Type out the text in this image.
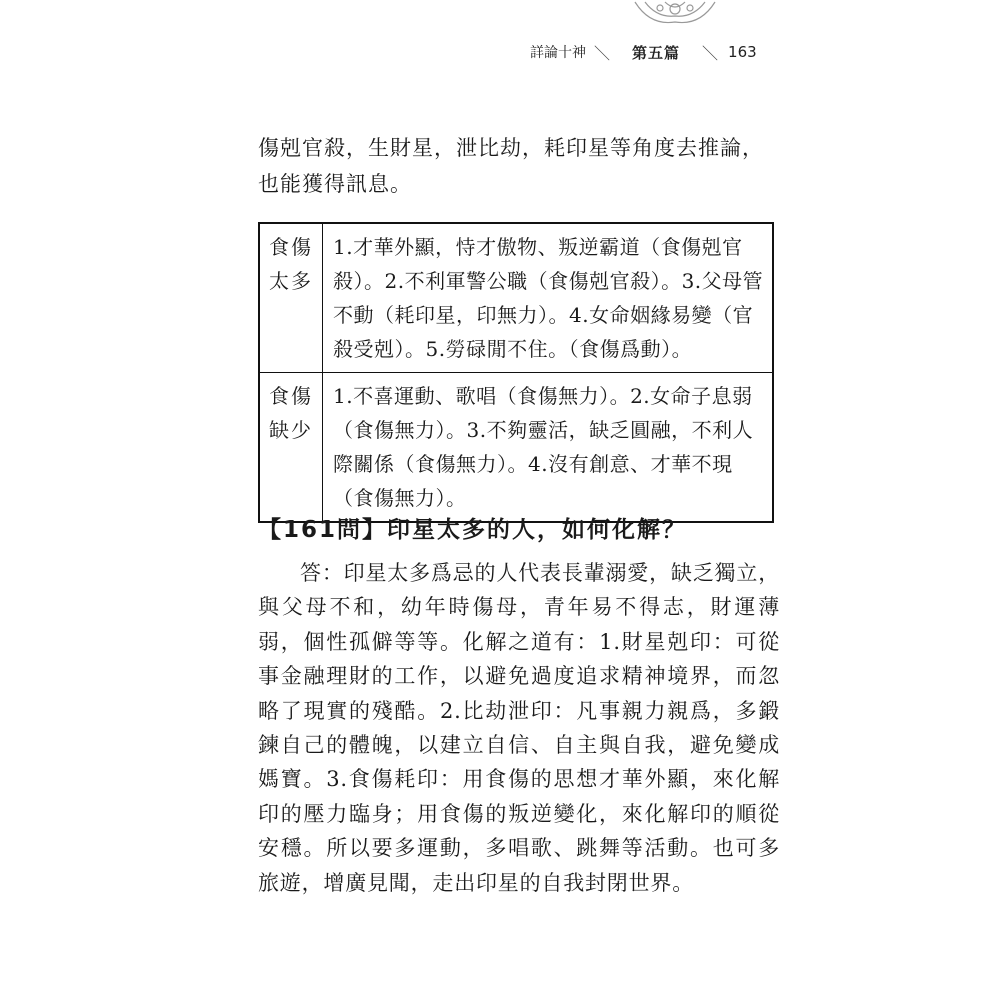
詳論十神 ＼ 第五篇 ＼ 163

傷剋官殺，生財星，泄比劫，耗印星等角度去推論，也能獲得訊息。

食傷太多	1.才華外顯，恃才傲物、叛逆霸道（食傷剋官殺）。2.不利軍警公職（食傷剋官殺）。3.父母管不動（耗印星，印無力）。4.女命姻緣易變（官殺受剋）。5.勞碌閒不住。（食傷爲動）。
食傷缺少	1.不喜運動、歌唱（食傷無力）。2.女命子息弱（食傷無力）。3.不夠靈活，缺乏圓融，不利人際關係（食傷無力）。4.沒有創意、才華不現（食傷無力）。
【161問】印星太多的人，如何化解？

答：印星太多爲忌的人代表長輩溺愛，缺乏獨立，與父母不和，幼年時傷母，青年易不得志，財運薄弱，個性孤僻等等。化解之道有：1.財星剋印：可從事金融理財的工作，以避免過度追求精神境界，而忽略了現實的殘酷。2.比劫泄印：凡事親力親爲，多鍛鍊自己的體魄，以建立自信、自主與自我，避免變成媽寶。3.食傷耗印：用食傷的思想才華外顯，來化解印的壓力臨身；用食傷的叛逆變化，來化解印的順從安穩。所以要多運動，多唱歌、跳舞等活動。也可多旅遊，增廣見聞，走出印星的自我封閉世界。
